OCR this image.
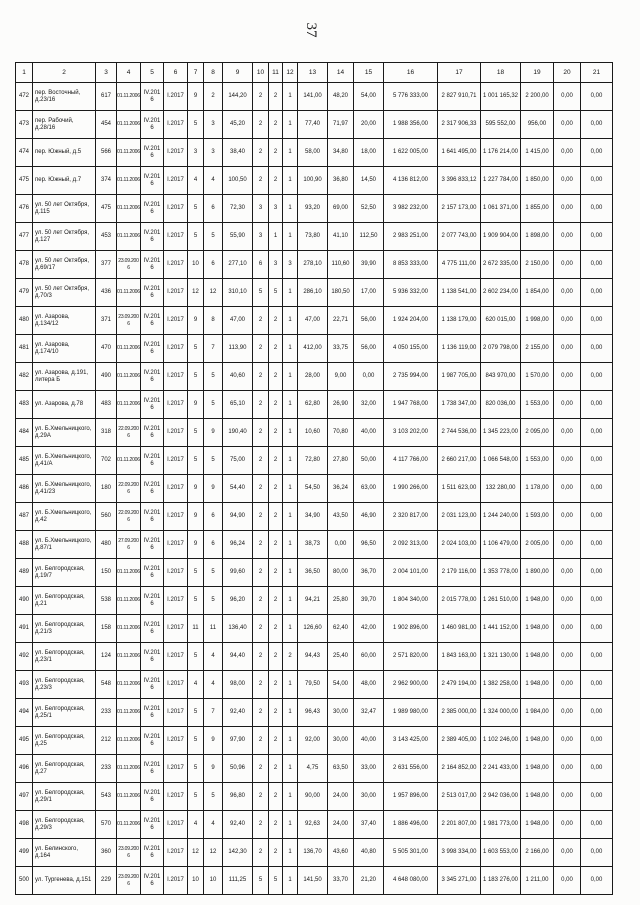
37
1	2	3	4	5	6	7	8	9	10	11	12	13	14	15	16	17	18	19	20	21
472	пер. Восточный, д.23/16	617	01.11.2006	IV.2016	I.2017	9	2	144,20	2	2	1	141,00	48,20	54,00	5 776 333,00	2 827 910,71	1 001 165,32	2 200,00	0,00	0,00
473	пер. Рабочий, д.28/16	454	01.11.2006	IV.2016	I.2017	5	3	45,20	2	2	1	77,40	71,97	20,00	1 988 356,00	2 317 906,33	595 552,00	956,00	0,00	0,00
474	пер. Южный, д.5	566	01.11.2006	IV.2016	I.2017	3	3	38,40	2	2	1	58,00	34,80	18,00	1 622 005,00	1 641 495,00	1 176 214,00	1 415,00	0,00	0,00
475	пер. Южный, д.7	374	01.11.2006	IV.2016	I.2017	4	4	100,50	2	2	1	100,90	36,80	14,50	4 136 812,00	3 396 833,12	1 227 784,00	1 850,00	0,00	0,00
476	ул. 50 лет Октября, д.115	475	01.11.2006	IV.2016	I.2017	5	6	72,30	3	3	1	93,20	69,00	52,50	3 982 232,00	2 157 173,00	1 061 371,00	1 855,00	0,00	0,00
477	ул. 50 лет Октября, д.127	453	01.11.2006	IV.2016	I.2017	5	5	55,90	3	1	1	73,80	41,10	112,50	2 983 251,00	2 077 743,00	1 909 904,00	1 898,00	0,00	0,00
478	ул. 50 лет Октября, д.69/17	377	23.09.2006	IV.2016	I.2017	10	6	277,10	6	3	3	278,10	110,60	39,90	8 853 333,00	4 775 111,00	2 672 335,00	2 150,00	0,00	0,00
479	ул. 50 лет Октября, д.70/3	436	01.11.2006	IV.2016	I.2017	12	12	310,10	5	5	1	286,10	180,50	17,00	5 936 332,00	1 138 541,00	2 602 234,00	1 854,00	0,00	0,00
480	ул. Азарова, д.134/12	371	23.09.2006	IV.2016	I.2017	9	8	47,00	2	2	1	47,00	22,71	56,00	1 924 204,00	1 138 179,00	620 015,00	1 998,00	0,00	0,00
481	ул. Азарова, д.174/10	470	01.11.2006	IV.2016	I.2017	5	7	113,90	2	2	1	412,00	33,75	56,00	4 050 155,00	1 136 119,00	2 079 798,00	2 155,00	0,00	0,00
482	ул. Азарова, д.191, литера Б	490	01.11.2006	IV.2016	I.2017	5	5	40,60	2	2	1	28,00	9,00	0,00	2 735 994,00	1 987 705,00	843 970,00	1 570,00	0,00	0,00
483	ул. Азарова, д.78	483	01.11.2006	IV.2016	I.2017	9	5	65,10	2	2	1	62,80	26,90	32,00	1 947 768,00	1 738 347,00	820 036,00	1 553,00	0,00	0,00
484	ул. Б.Хмельницкого, д.29А	318	22.09.2006	IV.2016	I.2017	5	9	190,40	2	2	1	10,60	70,80	40,00	3 103 202,00	2 744 536,00	1 345 223,00	2 095,00	0,00	0,00
485	ул. Б.Хмельницкого, д.41/А	702	01.11.2006	IV.2016	I.2017	5	5	75,00	2	2	1	72,80	27,80	50,00	4 117 766,00	2 660 217,00	1 066 548,00	1 553,00	0,00	0,00
486	ул. Б.Хмельницкого, д.41/23	180	22.09.2006	IV.2016	I.2017	9	9	54,40	2	2	1	54,50	36,24	63,00	1 990 266,00	1 511 623,00	132 280,00	1 178,00	0,00	0,00
487	ул. Б.Хмельницкого, д.42	560	22.09.2006	IV.2016	I.2017	9	6	94,90	2	2	1	34,90	43,50	46,90	2 320 817,00	2 031 123,00	1 244 240,00	1 593,00	0,00	0,00
488	ул. Б.Хмельницкого, д.87/1	480	27.09.2006	IV.2016	I.2017	9	6	96,24	2	2	1	38,73	0,00	96,50	2 092 313,00	2 024 103,00	1 106 479,00	2 005,00	0,00	0,00
489	ул. Белгородская, д.19/7	150	01.11.2006	IV.2016	I.2017	5	5	99,60	2	2	1	36,50	80,00	36,70	2 004 101,00	2 179 116,00	1 353 778,00	1 890,00	0,00	0,00
490	ул. Белгородская, д.21	538	01.11.2006	IV.2016	I.2017	5	5	96,20	2	2	1	94,21	25,80	39,70	1 804 340,00	2 015 778,00	1 261 510,00	1 948,00	0,00	0,00
491	ул. Белгородская, д.21/3	158	01.11.2006	IV.2016	I.2017	11	11	136,40	2	2	1	126,60	62,40	42,00	1 902 896,00	1 460 981,00	1 441 152,00	1 948,00	0,00	0,00
492	ул. Белгородская, д.23/1	124	01.11.2006	IV.2016	I.2017	5	4	94,40	2	2	2	94,43	25,40	60,00	2 571 820,00	1 843 163,00	1 321 130,00	1 948,00	0,00	0,00
493	ул. Белгородская, д.23/3	548	01.11.2006	IV.2016	I.2017	4	4	98,00	2	2	1	79,50	54,00	48,00	2 962 900,00	2 479 194,00	1 382 258,00	1 948,00	0,00	0,00
494	ул. Белгородская, д.25/1	233	01.11.2006	IV.2016	I.2017	5	7	92,40	2	2	1	96,43	30,00	32,47	1 989 980,00	2 385 000,00	1 324 000,00	1 984,00	0,00	0,00
495	ул. Белгородская, д.25	212	01.11.2006	IV.2016	I.2017	5	9	97,90	2	2	1	92,00	30,00	40,00	3 143 425,00	2 389 405,00	1 102 246,00	1 948,00	0,00	0,00
496	ул. Белгородская, д.27	233	01.11.2006	IV.2016	I.2017	5	9	50,96	2	2	1	4,75	63,50	33,00	2 631 556,00	2 164 852,00	2 241 433,00	1 948,00	0,00	0,00
497	ул. Белгородская, д.29/1	543	01.11.2006	IV.2016	I.2017	5	5	96,80	2	2	1	90,00	24,00	30,00	1 957 896,00	2 513 017,00	2 942 036,00	1 948,00	0,00	0,00
498	ул. Белгородская, д.29/3	570	01.11.2006	IV.2016	I.2017	4	4	92,40	2	2	1	92,63	24,00	37,40	1 886 496,00	2 201 807,00	1 981 773,00	1 948,00	0,00	0,00
499	ул. Белинского, д.164	360	23.09.2006	IV.2016	I.2017	12	12	142,30	2	2	1	136,70	43,60	40,80	5 505 301,00	3 998 334,00	1 603 553,00	2 166,00	0,00	0,00
500	ул. Тургенева, д.151	229	23.09.2006	IV.2016	I.2017	10	10	111,25	5	5	1	141,50	33,70	21,20	4 648 080,00	3 345 271,00	1 183 276,00	1 211,00	0,00	0,00
